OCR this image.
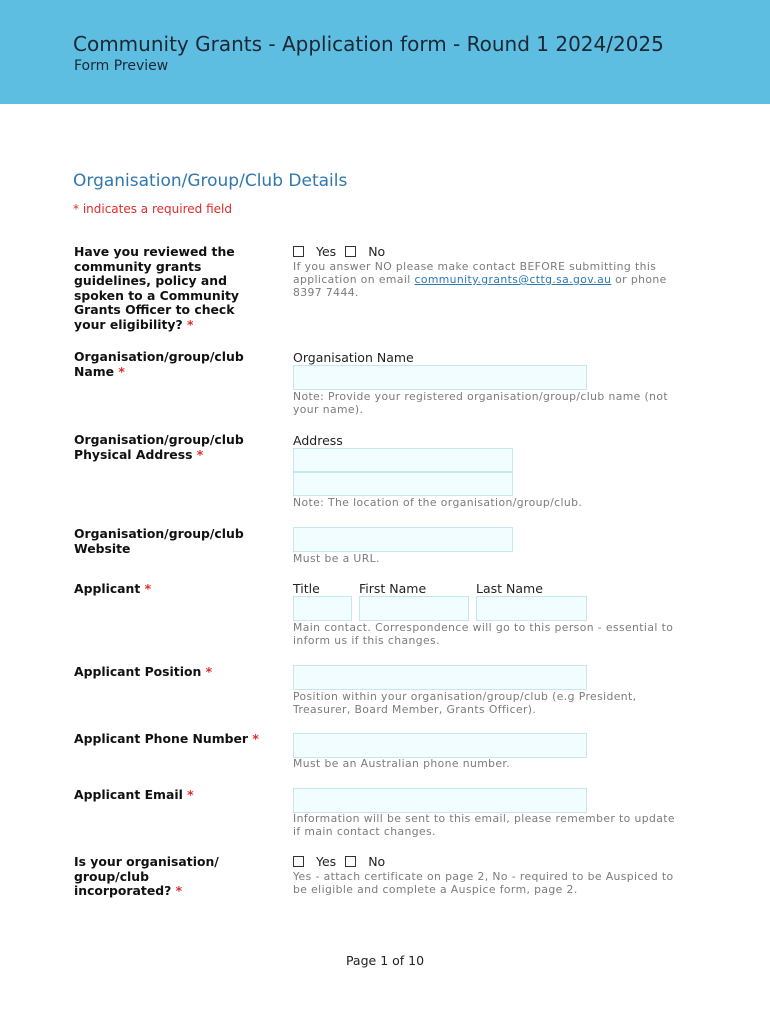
Community Grants - Application form - Round 1 2024/2025
Form Preview
Organisation/Group/Club Details
* indicates a required field
Have you reviewed the community grants guidelines, policy and spoken to a Community Grants Officer to check your eligibility? *
Yes	No
If you answer NO please make contact BEFORE submitting this application on email community.grants@cttg.sa.gov.au or phone 8397 7444.
Organisation/group/club Name *
Organisation Name
Note: Provide your registered organisation/group/club name (not your name).
Organisation/group/club Physical Address *
Address
Note: The location of the organisation/group/club.
Organisation/group/club Website
Must be a URL.
Applicant *	Title	First Name	Last Name
Main contact. Correspondence will go to this person - essential to inform us if this changes.
Applicant Position *
Position within your organisation/group/club (e.g President, Treasurer, Board Member, Grants Officer).
Applicant Phone Number *
Must be an Australian phone number.
Applicant Email *
Information will be sent to this email, please remember to update if main contact changes.
Is your organisation/ group/club incorporated? *
Yes	No
Yes - attach certificate on page 2, No - required to be Auspiced to be eligible and complete a Auspice form, page 2.
Page 1 of 10
